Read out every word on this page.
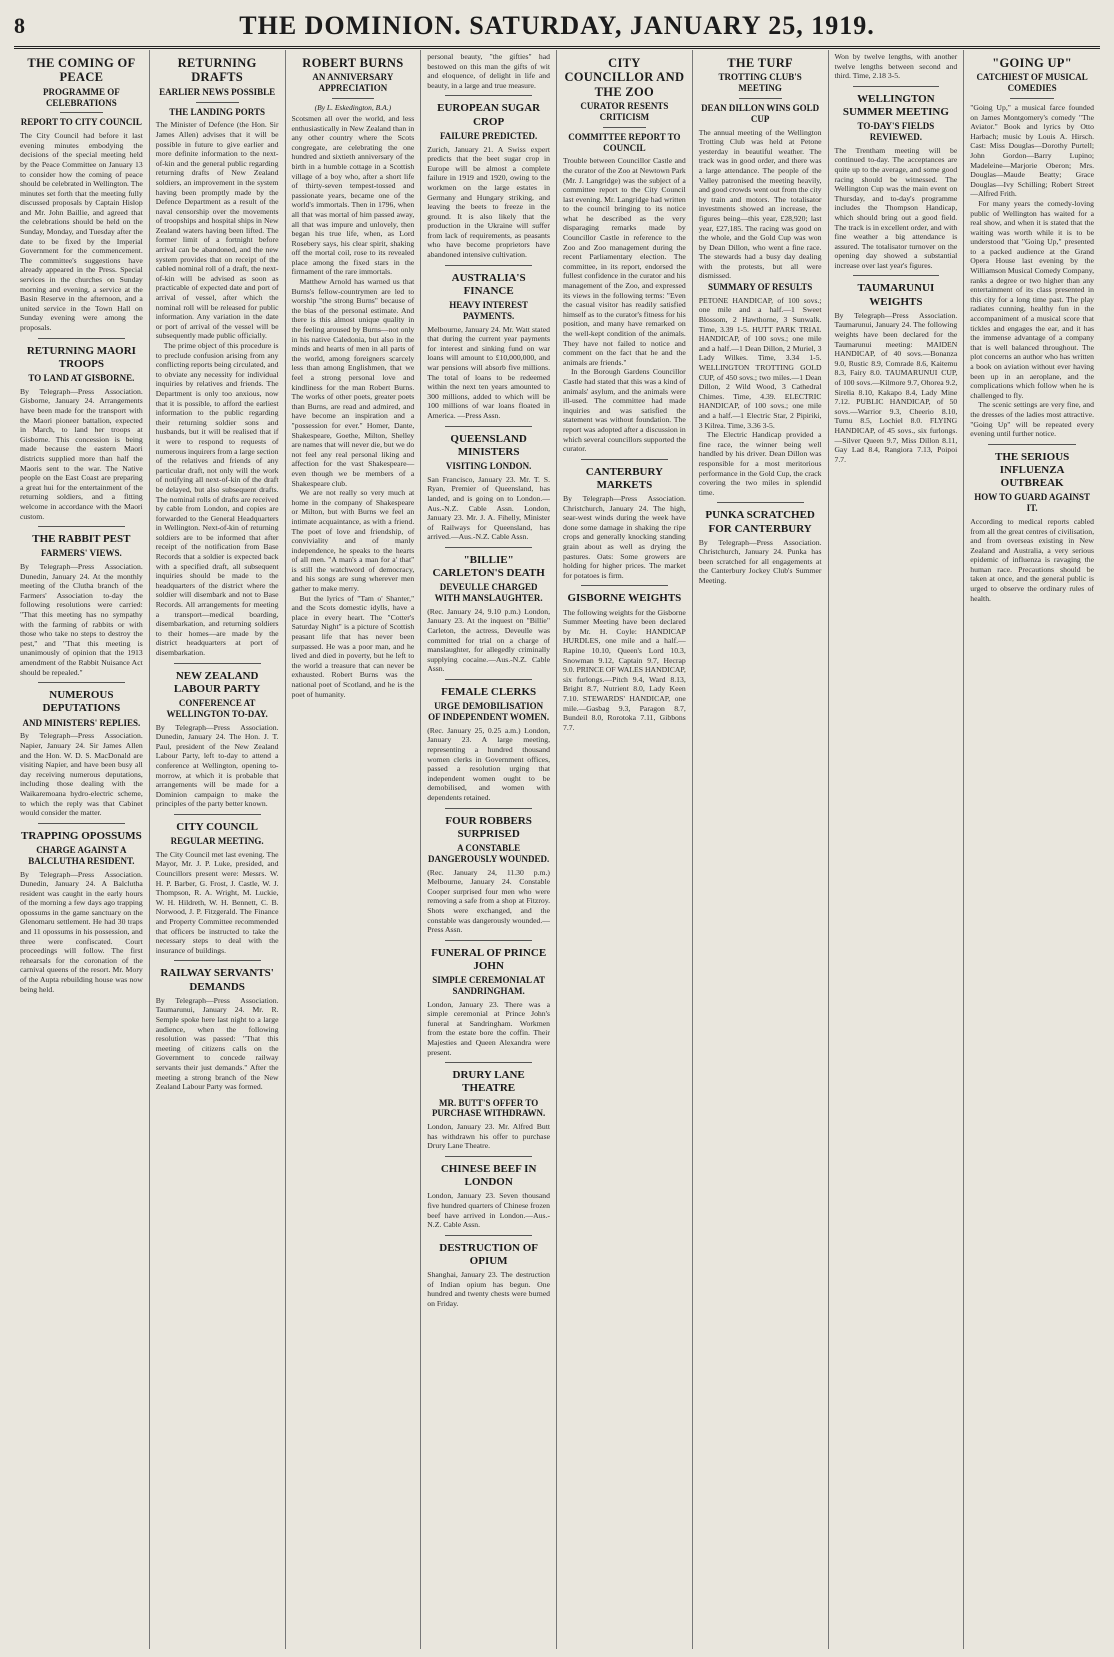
8	THE DOMINION. SATURDAY, JANUARY 25, 1919.
THE COMING OF PEACE
PROGRAMME OF CELEBRATIONS
REPORT TO CITY COUNCIL

The City Council had before it last evening minutes embodying the decisions of the special meeting held by the Peace Committee on January 13 to consider how the coming of peace should be celebrated in Wellington. The minutes set forth that the meeting fully discussed proposals by Captain Hislop and Mr. John Baillie, and agreed that the celebrations should be held on the Sunday, Monday, and Tuesday after the date to be fixed by the Imperial Government for the commencement. The committee's suggestions have already appeared in the Press. Special services in the churches on Sunday morning and evening, a service at the Basin Reserve in the afternoon, and a united service in the Town Hall on Sunday evening were among the proposals.

RETURNING MAORI TROOPS
TO LAND AT GISBORNE.

By Telegraph—Press Association. Gisborne, January 24. Arrangements have been made for the transport with the Maori pioneer battalion, expected in March, to land her troops at Gisborne. This concession is being made because the eastern Maori districts supplied more than half the Maoris sent to the war. The Native people on the East Coast are preparing a great hui for the entertainment of the returning soldiers, and a fitting welcome in accordance with the Maori custom.

THE RABBIT PEST
FARMERS' VIEWS.

By Telegraph—Press Association. Dunedin, January 24. At the monthly meeting of the Clutha branch of the Farmers' Association to-day the following resolutions were carried: "That this meeting has no sympathy with the farming of rabbits or with those who take no steps to destroy the pest," and "That this meeting is unanimously of opinion that the 1913 amendment of the Rabbit Nuisance Act should be repealed."

NUMEROUS DEPUTATIONS
AND MINISTERS' REPLIES.

By Telegraph—Press Association. Napier, January 24. Sir James Allen and the Hon. W. D. S. MacDonald are visiting Napier, and have been busy all day receiving numerous deputations, including those dealing with the Waikaremoana hydro-electric scheme, to which the reply was that Cabinet would consider the matter.

TRAPPING OPOSSUMS
CHARGE AGAINST A BALCLUTHA RESIDENT.

By Telegraph—Press Association. Dunedin, January 24. A Balclutha resident was caught in the early hours of the morning a few days ago trapping opossums in the game sanctuary on the Glenomaru settlement. He had 30 traps and 11 opossums in his possession, and three were confiscated. Court proceedings will follow. The first rehearsals for the coronation of the carnival queens of the resort. Mr. Mory of the Aupta rebuilding house was now being held.

RETURNING DRAFTS
EARLIER NEWS POSSIBLE
THE LANDING PORTS

The Minister of Defence (the Hon. Sir James Allen) advises that it will be possible in future to give earlier and more definite information to the next-of-kin and the general public regarding returning drafts of New Zealand soldiers, an improvement in the system having been promptly made by the Defence Department as a result of the naval censorship over the movements of troopships and hospital ships in New Zealand waters having been lifted. The former limit of a fortnight before arrival can be abandoned, and the new system provides that on receipt of the cabled nominal roll of a draft, the next-of-kin will be advised as soon as practicable of expected date and port of arrival of vessel, after which the nominal roll will be released for public information. Any variation in the date or port of arrival of the vessel will be subsequently made public officially.

The prime object of this procedure is to preclude confusion arising from any conflicting reports being circulated, and to obviate any necessity for individual inquiries by relatives and friends. The Department is only too anxious, now that it is possible, to afford the earliest information to the public regarding their returning soldier sons and husbands, but it will be realised that if it were to respond to requests of numerous inquirers from a large section of the relatives and friends of any particular draft, not only will the work of notifying all next-of-kin of the draft be delayed, but also subsequent drafts. The nominal rolls of drafts are received by cable from London, and copies are forwarded to the General Headquarters in Wellington. Next-of-kin of returning soldiers are to be informed that after receipt of the notification from Base Records that a soldier is expected back with a specified draft, all subsequent inquiries should be made to the headquarters of the district where the soldier will disembark and not to Base Records. All arrangements for meeting a transport—medical boarding, disembarkation, and returning soldiers to their homes—are made by the district headquarters at port of disembarkation.

NEW ZEALAND LABOUR PARTY
CONFERENCE AT WELLINGTON TO-DAY.

By Telegraph—Press Association. Dunedin, January 24. The Hon. J. T. Paul, president of the New Zealand Labour Party, left to-day to attend a conference at Wellington, opening to-morrow, at which it is probable that arrangements will be made for a Dominion campaign to make the principles of the party better known.

CITY COUNCIL
REGULAR MEETING.

The City Council met last evening. The Mayor, Mr. J. P. Luke, presided, and Councillors present were: Messrs. W. H. P. Barber, G. Frost, J. Castle, W. J. Thompson, R. A. Wright, M. Luckie, W. H. Hildreth, W. H. Bennett, C. B. Norwood, J. P. Fitzgerald. The Finance and Property Committee recommended that officers be instructed to take the necessary steps to deal with the insurance of buildings.

RAILWAY SERVANTS' DEMANDS

By Telegraph—Press Association. Taumarunui, January 24. Mr. R. Semple spoke here last night to a large audience, when the following resolution was passed: "That this meeting of citizens calls on the Government to concede railway servants their just demands." After the meeting a strong branch of the New Zealand Labour Party was formed.

ROBERT BURNS
AN ANNIVERSARY APPRECIATION
(By L. Eskedington, B.A.)

Scotsmen all over the world, and less enthusiastically in New Zealand than in any other country where the Scots congregate, are celebrating the one hundred and sixtieth anniversary of the birth in a humble cottage in a Scottish village of a boy who, after a short life of thirty-seven tempest-tossed and passionate years, became one of the world's immortals. Then in 1796, when all that was mortal of him passed away, all that was impure and unlovely, then began his true life, when, as Lord Rosebery says, his clear spirit, shaking off the mortal coil, rose to its revealed place among the fixed stars in the firmament of the rare immortals.

Matthew Arnold has warned us that Burns's fellow-countrymen are led to worship "the strong Burns" because of the bias of the personal estimate. And there is this almost unique quality in the feeling aroused by Burns—not only in his native Caledonia, but also in the minds and hearts of men in all parts of the world, among foreigners scarcely less than among Englishmen, that we feel a strong personal love and kindliness for the man Robert Burns. The works of other poets, greater poets than Burns, are read and admired, and have become an inspiration and a "possession for ever." Homer, Dante, Shakespeare, Goethe, Milton, Shelley are names that will never die, but we do not feel any real personal liking and affection for the vast Shakespeare—even though we be members of a Shakespeare club.

We are not really so very much at home in the company of Shakespeare or Milton, but with Burns we feel an intimate acquaintance, as with a friend. The poet of love and friendship, of conviviality and of manly independence, he speaks to the hearts of all men. "A man's a man for a' that" is still the watchword of democracy, and his songs are sung wherever men gather to make merry.

But the lyrics of "Tam o' Shanter," and the Scots domestic idylls, have a place in every heart. The "Cotter's Saturday Night" is a picture of Scottish peasant life that has never been surpassed. He was a poor man, and he lived and died in poverty, but he left to the world a treasure that can never be exhausted. Robert Burns was the national poet of Scotland, and he is the poet of humanity.

personal beauty, "the gifties" had bestowed on this man the gifts of wit and eloquence, of delight in life and beauty, in a large and true measure.

EUROPEAN SUGAR CROP
FAILURE PREDICTED.

Zurich, January 21. A Swiss expert predicts that the beet sugar crop in Europe will be almost a complete failure in 1919 and 1920, owing to the workmen on the large estates in Germany and Hungary striking, and leaving the beets to freeze in the ground. It is also likely that the production in the Ukraine will suffer from lack of requirements, as peasants who have become proprietors have abandoned intensive cultivation.

AUSTRALIA'S FINANCE
HEAVY INTEREST PAYMENTS.

Melbourne, January 24. Mr. Watt stated that during the current year payments for interest and sinking fund on war loans will amount to £10,000,000, and war pensions will absorb five millions. The total of loans to be redeemed within the next ten years amounted to 300 millions, added to which will be 100 millions of war loans floated in America. —Press Assn.

QUEENSLAND MINISTERS
VISITING LONDON.

San Francisco, January 23. Mr. T. S. Ryan, Premier of Queensland, has landed, and is going on to London.—Aus.-N.Z. Cable Assn. London, January 23. Mr. J. A. Fihelly, Minister of Railways for Queensland, has arrived.—Aus.-N.Z. Cable Assn.

"BILLIE" CARLETON'S DEATH
DEVEULLE CHARGED WITH MANSLAUGHTER.

(Rec. January 24, 9.10 p.m.) London, January 23. At the inquest on "Billie" Carleton, the actress, Deveulle was committed for trial on a charge of manslaughter, for allegedly criminally supplying cocaine.—Aus.-N.Z. Cable Assn.

FEMALE CLERKS
URGE DEMOBILISATION OF INDEPENDENT WOMEN.

(Rec. January 25, 0.25 a.m.) London, January 23. A large meeting, representing a hundred thousand women clerks in Government offices, passed a resolution urging that independent women ought to be demobilised, and women with dependents retained.

FOUR ROBBERS SURPRISED
A CONSTABLE DANGEROUSLY WOUNDED.

(Rec. January 24, 11.30 p.m.) Melbourne, January 24. Constable Cooper surprised four men who were removing a safe from a shop at Fitzroy. Shots were exchanged, and the constable was dangerously wounded.—Press Assn.

FUNERAL OF PRINCE JOHN
SIMPLE CEREMONIAL AT SANDRINGHAM.

London, January 23. There was a simple ceremonial at Prince John's funeral at Sandringham. Workmen from the estate bore the coffin. Their Majesties and Queen Alexandra were present.

DRURY LANE THEATRE
MR. BUTT'S OFFER TO PURCHASE WITHDRAWN.

London, January 23. Mr. Alfred Butt has withdrawn his offer to purchase Drury Lane Theatre.

CHINESE BEEF IN LONDON

London, January 23. Seven thousand five hundred quarters of Chinese frozen beef have arrived in London.—Aus.-N.Z. Cable Assn.

DESTRUCTION OF OPIUM

Shanghai, January 23. The destruction of Indian opium has begun. One hundred and twenty chests were burned on Friday.

CITY COUNCILLOR AND THE ZOO
CURATOR RESENTS CRITICISM
COMMITTEE REPORT TO COUNCIL

Trouble between Councillor Castle and the curator of the Zoo at Newtown Park (Mr. J. Langridge) was the subject of a committee report to the City Council last evening. Mr. Langridge had written to the council bringing to its notice what he described as the very disparaging remarks made by Councillor Castle in reference to the Zoo and Zoo management during the recent Parliamentary election. The committee, in its report, endorsed the fullest confidence in the curator and his management of the Zoo, and expressed its views in the following terms: "Even the casual visitor has readily satisfied himself as to the curator's fitness for his position, and many have remarked on the well-kept condition of the animals. They have not failed to notice and comment on the fact that he and the animals are friends."

In the Borough Gardens Councillor Castle had stated that this was a kind of animals' asylum, and the animals were ill-used. The committee had made inquiries and was satisfied the statement was without foundation. The report was adopted after a discussion in which several councillors supported the curator.

CANTERBURY MARKETS

By Telegraph—Press Association. Christchurch, January 24. The high, sear-west winds during the week have done some damage in shaking the ripe crops and generally knocking standing grain about as well as drying the pastures. Oats: Some growers are holding for higher prices. The market for potatoes is firm.

GISBORNE WEIGHTS

The following weights for the Gisborne Summer Meeting have been declared by Mr. H. Coyle: HANDICAP HURDLES, one mile and a half.—Rapine 10.10, Queen's Lord 10.3, Snowman 9.12, Captain 9.7, Hecrap 9.0. PRINCE OF WALES HANDICAP, six furlongs.—Pitch 9.4, Ward 8.13, Bright 8.7, Nutrient 8.0, Lady Keen 7.10. STEWARDS' HANDICAP, one mile.—Gasbag 9.3, Paragon 8.7, Bundeil 8.0, Rorotoka 7.11, Gibbons 7.7.

THE TURF
TROTTING CLUB'S MEETING
DEAN DILLON WINS GOLD CUP

The annual meeting of the Wellington Trotting Club was held at Petone yesterday in beautiful weather. The track was in good order, and there was a large attendance. The people of the Valley patronised the meeting heavily, and good crowds went out from the city by train and motors. The totalisator investments showed an increase, the figures being—this year, £28,920; last year, £27,185. The racing was good on the whole, and the Gold Cup was won by Dean Dillon, who went a fine race. The stewards had a busy day dealing with the protests, but all were dismissed.

SUMMARY OF RESULTS

PETONE HANDICAP, of 100 sovs.; one mile and a half.—1 Sweet Blossom, 2 Hawthorne, 3 Sunwalk. Time, 3.39 1-5. HUTT PARK TRIAL HANDICAP, of 100 sovs.; one mile and a half.—1 Dean Dillon, 2 Muriel, 3 Lady Wilkes. Time, 3.34 1-5. WELLINGTON TROTTING GOLD CUP, of 450 sovs.; two miles.—1 Dean Dillon, 2 Wild Wood, 3 Cathedral Chimes. Time, 4.39. ELECTRIC HANDICAP, of 100 sovs.; one mile and a half.—1 Electric Star, 2 Pipiriki, 3 Kilrea. Time, 3.36 3-5.

The Electric Handicap provided a fine race, the winner being well handled by his driver. Dean Dillon was responsible for a most meritorious performance in the Gold Cup, the crack covering the two miles in splendid time.

PUNKA SCRATCHED FOR CANTERBURY

By Telegraph—Press Association. Christchurch, January 24. Punka has been scratched for all engagements at the Canterbury Jockey Club's Summer Meeting.

Won by twelve lengths, with another twelve lengths between second and third. Time, 2.18 3-5.

WELLINGTON SUMMER MEETING
TO-DAY'S FIELDS REVIEWED.

The Trentham meeting will be continued to-day. The acceptances are quite up to the average, and some good racing should be witnessed. The Wellington Cup was the main event on Thursday, and to-day's programme includes the Thompson Handicap, which should bring out a good field. The track is in excellent order, and with fine weather a big attendance is assured. The totalisator turnover on the opening day showed a substantial increase over last year's figures.

TAUMARUNUI WEIGHTS

By Telegraph—Press Association. Taumarunui, January 24. The following weights have been declared for the Taumarunui meeting: MAIDEN HANDICAP, of 40 sovs.—Bonanza 9.0, Rustic 8.9, Comrade 8.6, Kaitemu 8.3, Fairy 8.0. TAUMARUNUI CUP, of 100 sovs.—Kilmore 9.7, Ohorea 9.2, Sirelia 8.10, Kakapo 8.4, Lady Mine 7.12. PUBLIC HANDICAP, of 50 sovs.—Warrior 9.3, Cheerio 8.10, Tumu 8.5, Lochiel 8.0. FLYING HANDICAP, of 45 sovs., six furlongs.—Silver Queen 9.7, Miss Dillon 8.11, Gay Lad 8.4, Rangiora 7.13, Poipoi 7.7.

"GOING UP"
CATCHIEST OF MUSICAL COMEDIES

"Going Up," a musical farce founded on James Montgomery's comedy "The Aviator." Book and lyrics by Otto Harbach; music by Louis A. Hirsch. Cast: Miss Douglas—Dorothy Purtell; John Gordon—Barry Lupino; Madeleine—Marjorie Oberon; Mrs. Douglas—Maude Beatty; Grace Douglas—Ivy Schilling; Robert Street—Alfred Frith.

For many years the comedy-loving public of Wellington has waited for a real show, and when it is stated that the waiting was worth while it is to be understood that "Going Up," presented to a packed audience at the Grand Opera House last evening by the Williamson Musical Comedy Company, ranks a degree or two higher than any entertainment of its class presented in this city for a long time past. The play radiates cunning, healthy fun in the accompaniment of a musical score that tickles and engages the ear, and it has the immense advantage of a company that is well balanced throughout. The plot concerns an author who has written a book on aviation without ever having been up in an aeroplane, and the complications which follow when he is challenged to fly.

The scenic settings are very fine, and the dresses of the ladies most attractive. "Going Up" will be repeated every evening until further notice.

THE SERIOUS INFLUENZA OUTBREAK
HOW TO GUARD AGAINST IT.

According to medical reports cabled from all the great centres of civilisation, and from overseas existing in New Zealand and Australia, a very serious epidemic of influenza is ravaging the human race. Precautions should be taken at once, and the general public is urged to observe the ordinary rules of health.
